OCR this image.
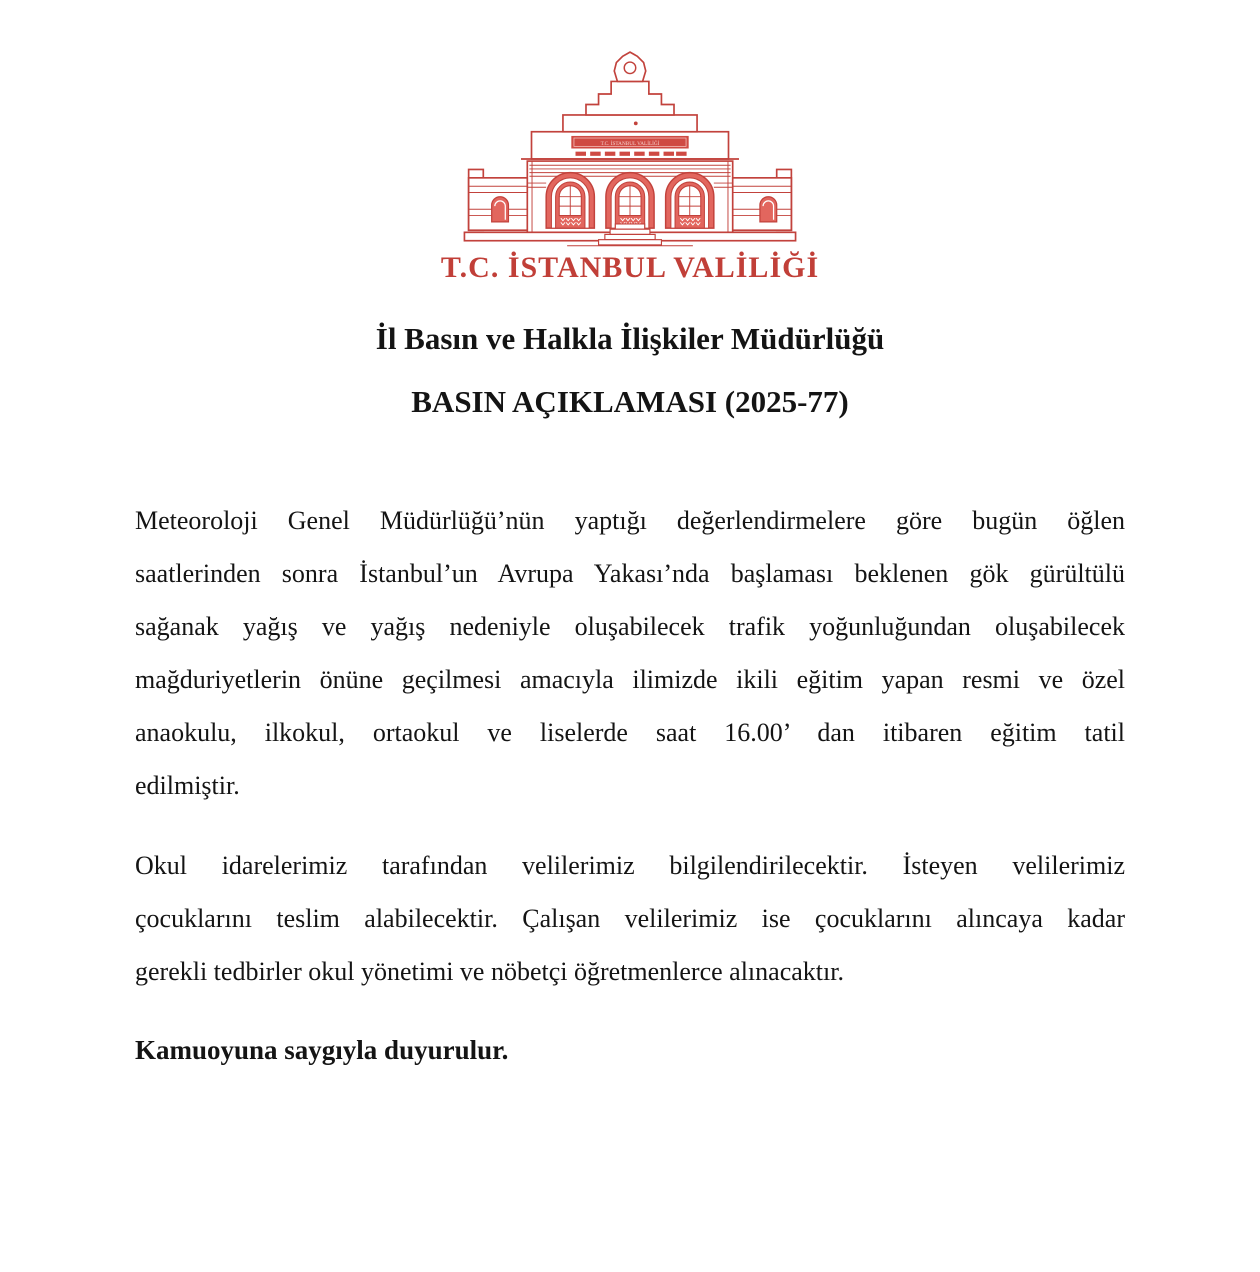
T.C. İSTANBUL VALİLİĞİ
T.C. İSTANBUL VALİLİĞİ
İl Basın ve Halkla İlişkiler Müdürlüğü
BASIN AÇIKLAMASI (2025-77)
Meteoroloji Genel Müdürlüğü’nün yaptığı değerlendirmelere göre bugün öğlen
saatlerinden sonra İstanbul’un Avrupa Yakası’nda başlaması beklenen gök gürültülü
sağanak yağış ve yağış nedeniyle oluşabilecek trafik yoğunluğundan oluşabilecek
mağduriyetlerin önüne geçilmesi amacıyla ilimizde ikili eğitim yapan resmi ve özel
anaokulu, ilkokul, ortaokul ve liselerde saat 16.00’ dan itibaren eğitim tatil
edilmiştir.
Okul idarelerimiz tarafından velilerimiz bilgilendirilecektir. İsteyen velilerimiz
çocuklarını teslim alabilecektir. Çalışan velilerimiz ise çocuklarını alıncaya kadar
gerekli tedbirler okul yönetimi ve nöbetçi öğretmenlerce alınacaktır.
Kamuoyuna saygıyla duyurulur.
